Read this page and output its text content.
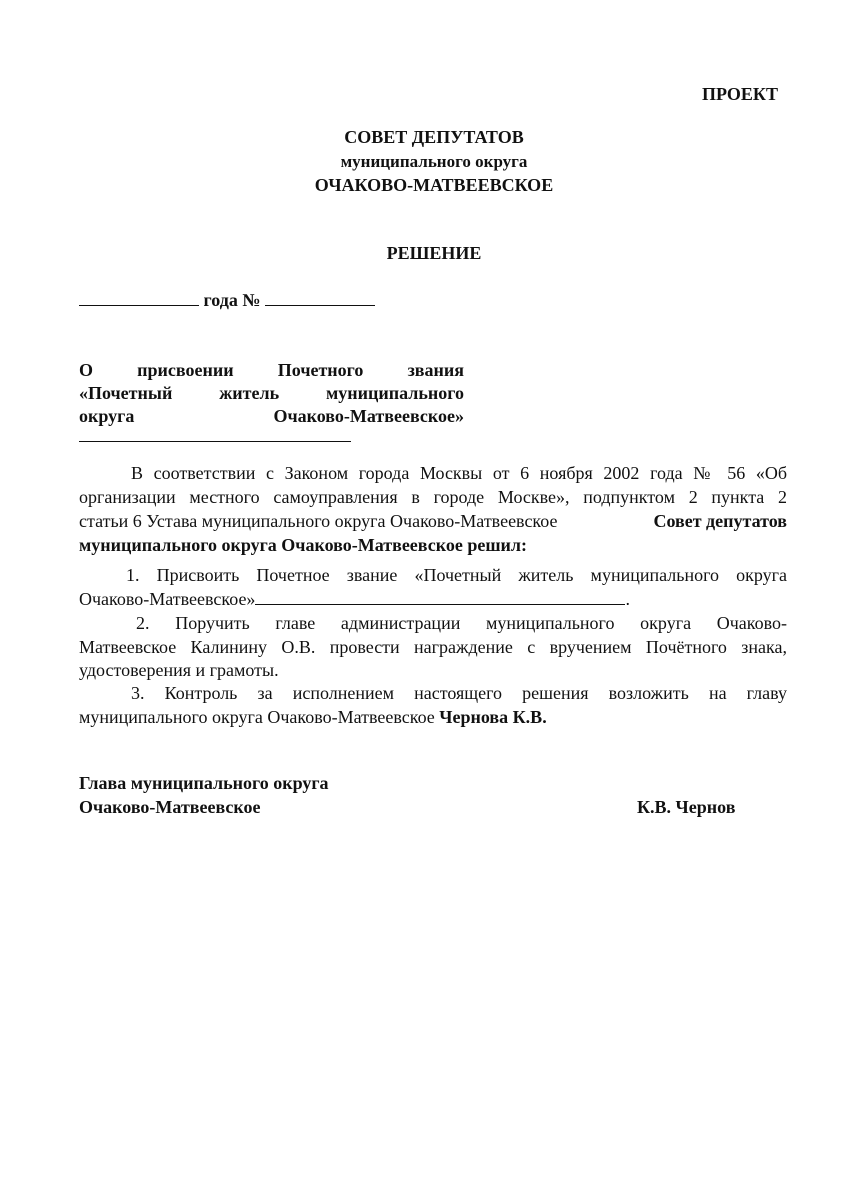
ПРОЕКТ
СОВЕТ ДЕПУТАТОВ
муниципального округа
ОЧАКОВО-МАТВЕЕВСКОЕ
РЕШЕНИЕ
года №
О присвоении Почетного звания
«Почетный	житель	муниципального
округа	Очаково-Матвеевское»
В соответствии с Законом города Москвы от 6 ноября 2002 года № 56 «Об
организации местного самоуправления в городе Москве», подпунктом 2 пункта 2
статьи 6 Устава муниципального округа Очаково-Матвеевское	Совет депутатов
муниципального округа Очаково-Матвеевское решил:
1. Присвоить Почетное звание «Почетный житель муниципального округа
Очаково-Матвеевское»	.
2. Поручить главе администрации муниципального округа Очаково-
Матвеевское Калинину О.В. провести награждение с вручением Почётного знака,
удостоверения и грамоты.
3. Контроль за исполнением настоящего решения возложить на главу
муниципального округа Очаково-Матвеевское Чернова К.В.
Глава муниципального округа
Очаково-Матвеевское	К.В. Чернов
